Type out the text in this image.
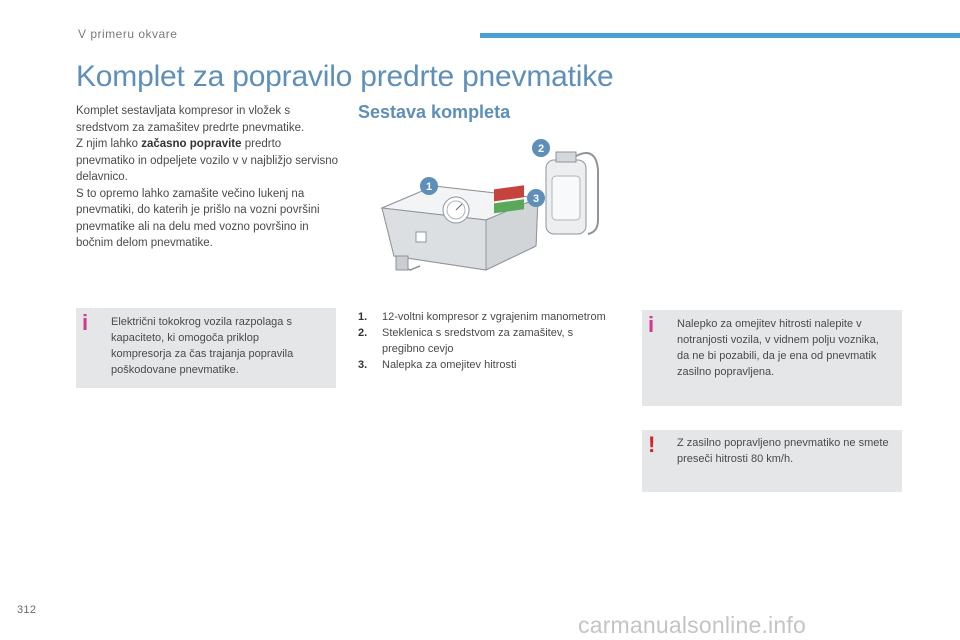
V primeru okvare
Komplet za popravilo predrte pnevmatike

Komplet sestavljata kompresor in vložek s sredstvom za zamašitev predrte pnevmatike.
Z njim lahko začasno popravite predrto pnevmatiko in odpeljete vozilo v v najbližjo servisno delavnico.

S to opremo lahko zamašite večino lukenj na pnevmatiki, do katerih je prišlo na vozni površini pnevmatike ali na delu med vozno površino in bočnim delom pnevmatike.

Sestava kompleta
1
2
3
1. 12-voltni kompresor z vgrajenim manometrom
2. Steklenica s sredstvom za zamašitev, s pregibno cevjo
3. Nalepka za omejitev hitrosti
i Električni tokokrog vozila razpolaga s kapaciteto, ki omogoča priklop kompresorja za čas trajanja popravila poškodovane pnevmatike.
i Nalepko za omejitev hitrosti nalepite v notranjosti vozila, v vidnem polju voznika, da ne bi pozabili, da je ena od pnevmatik zasilno popravljena.
! Z zasilno popravljeno pnevmatiko ne smete preseči hitrosti 80 km/h.
312
carmanualsonline.info
